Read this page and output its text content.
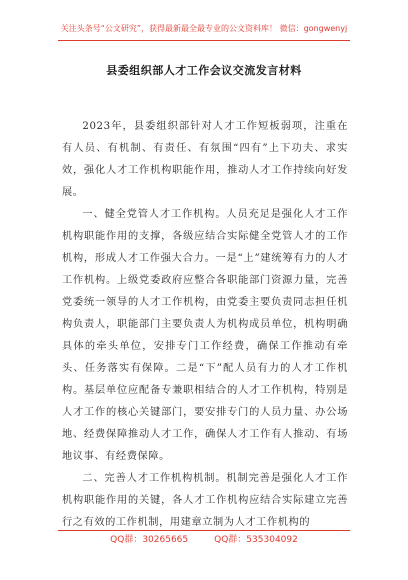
关注头条号“公文研究”，获得最新最全最专业的公文资料库！ 微信：gongwenyj
县委组织部人才工作会议交流发言材料

2023年，县委组织部针对人才工作短板弱项，注重在有人员、有机制、有责任、有氛围“四有”上下功夫、求实效，强化人才工作机构职能作用，推动人才工作持续向好发展。

一、健全党管人才工作机构。人员充足是强化人才工作机构职能作用的支撑，各级应结合实际健全党管人才的工作机构，形成人才工作强大合力。一是“上”建统筹有力的人才工作机构。上级党委政府应整合各职能部门资源力量，完善党委统一领导的人才工作机构，由党委主要负责同志担任机构负责人，职能部门主要负责人为机构成员单位，机构明确具体的牵头单位，安排专门工作经费，确保工作推动有牵头、任务落实有保障。二是“下”配人员有力的人才工作机构。基层单位应配备专兼职相结合的人才工作机构，特别是人才工作的核心关键部门，要安排专门的人员力量、办公场地、经费保障推动人才工作，确保人才工作有人推动、有场地议事、有经费保障。

二、完善人才工作机构机制。机制完善是强化人才工作机构职能作用的关键，各人才工作机构应结合实际建立完善行之有效的工作机制，用建章立制为人才工作机构的

QQ群：30265665	QQ群：535304092
